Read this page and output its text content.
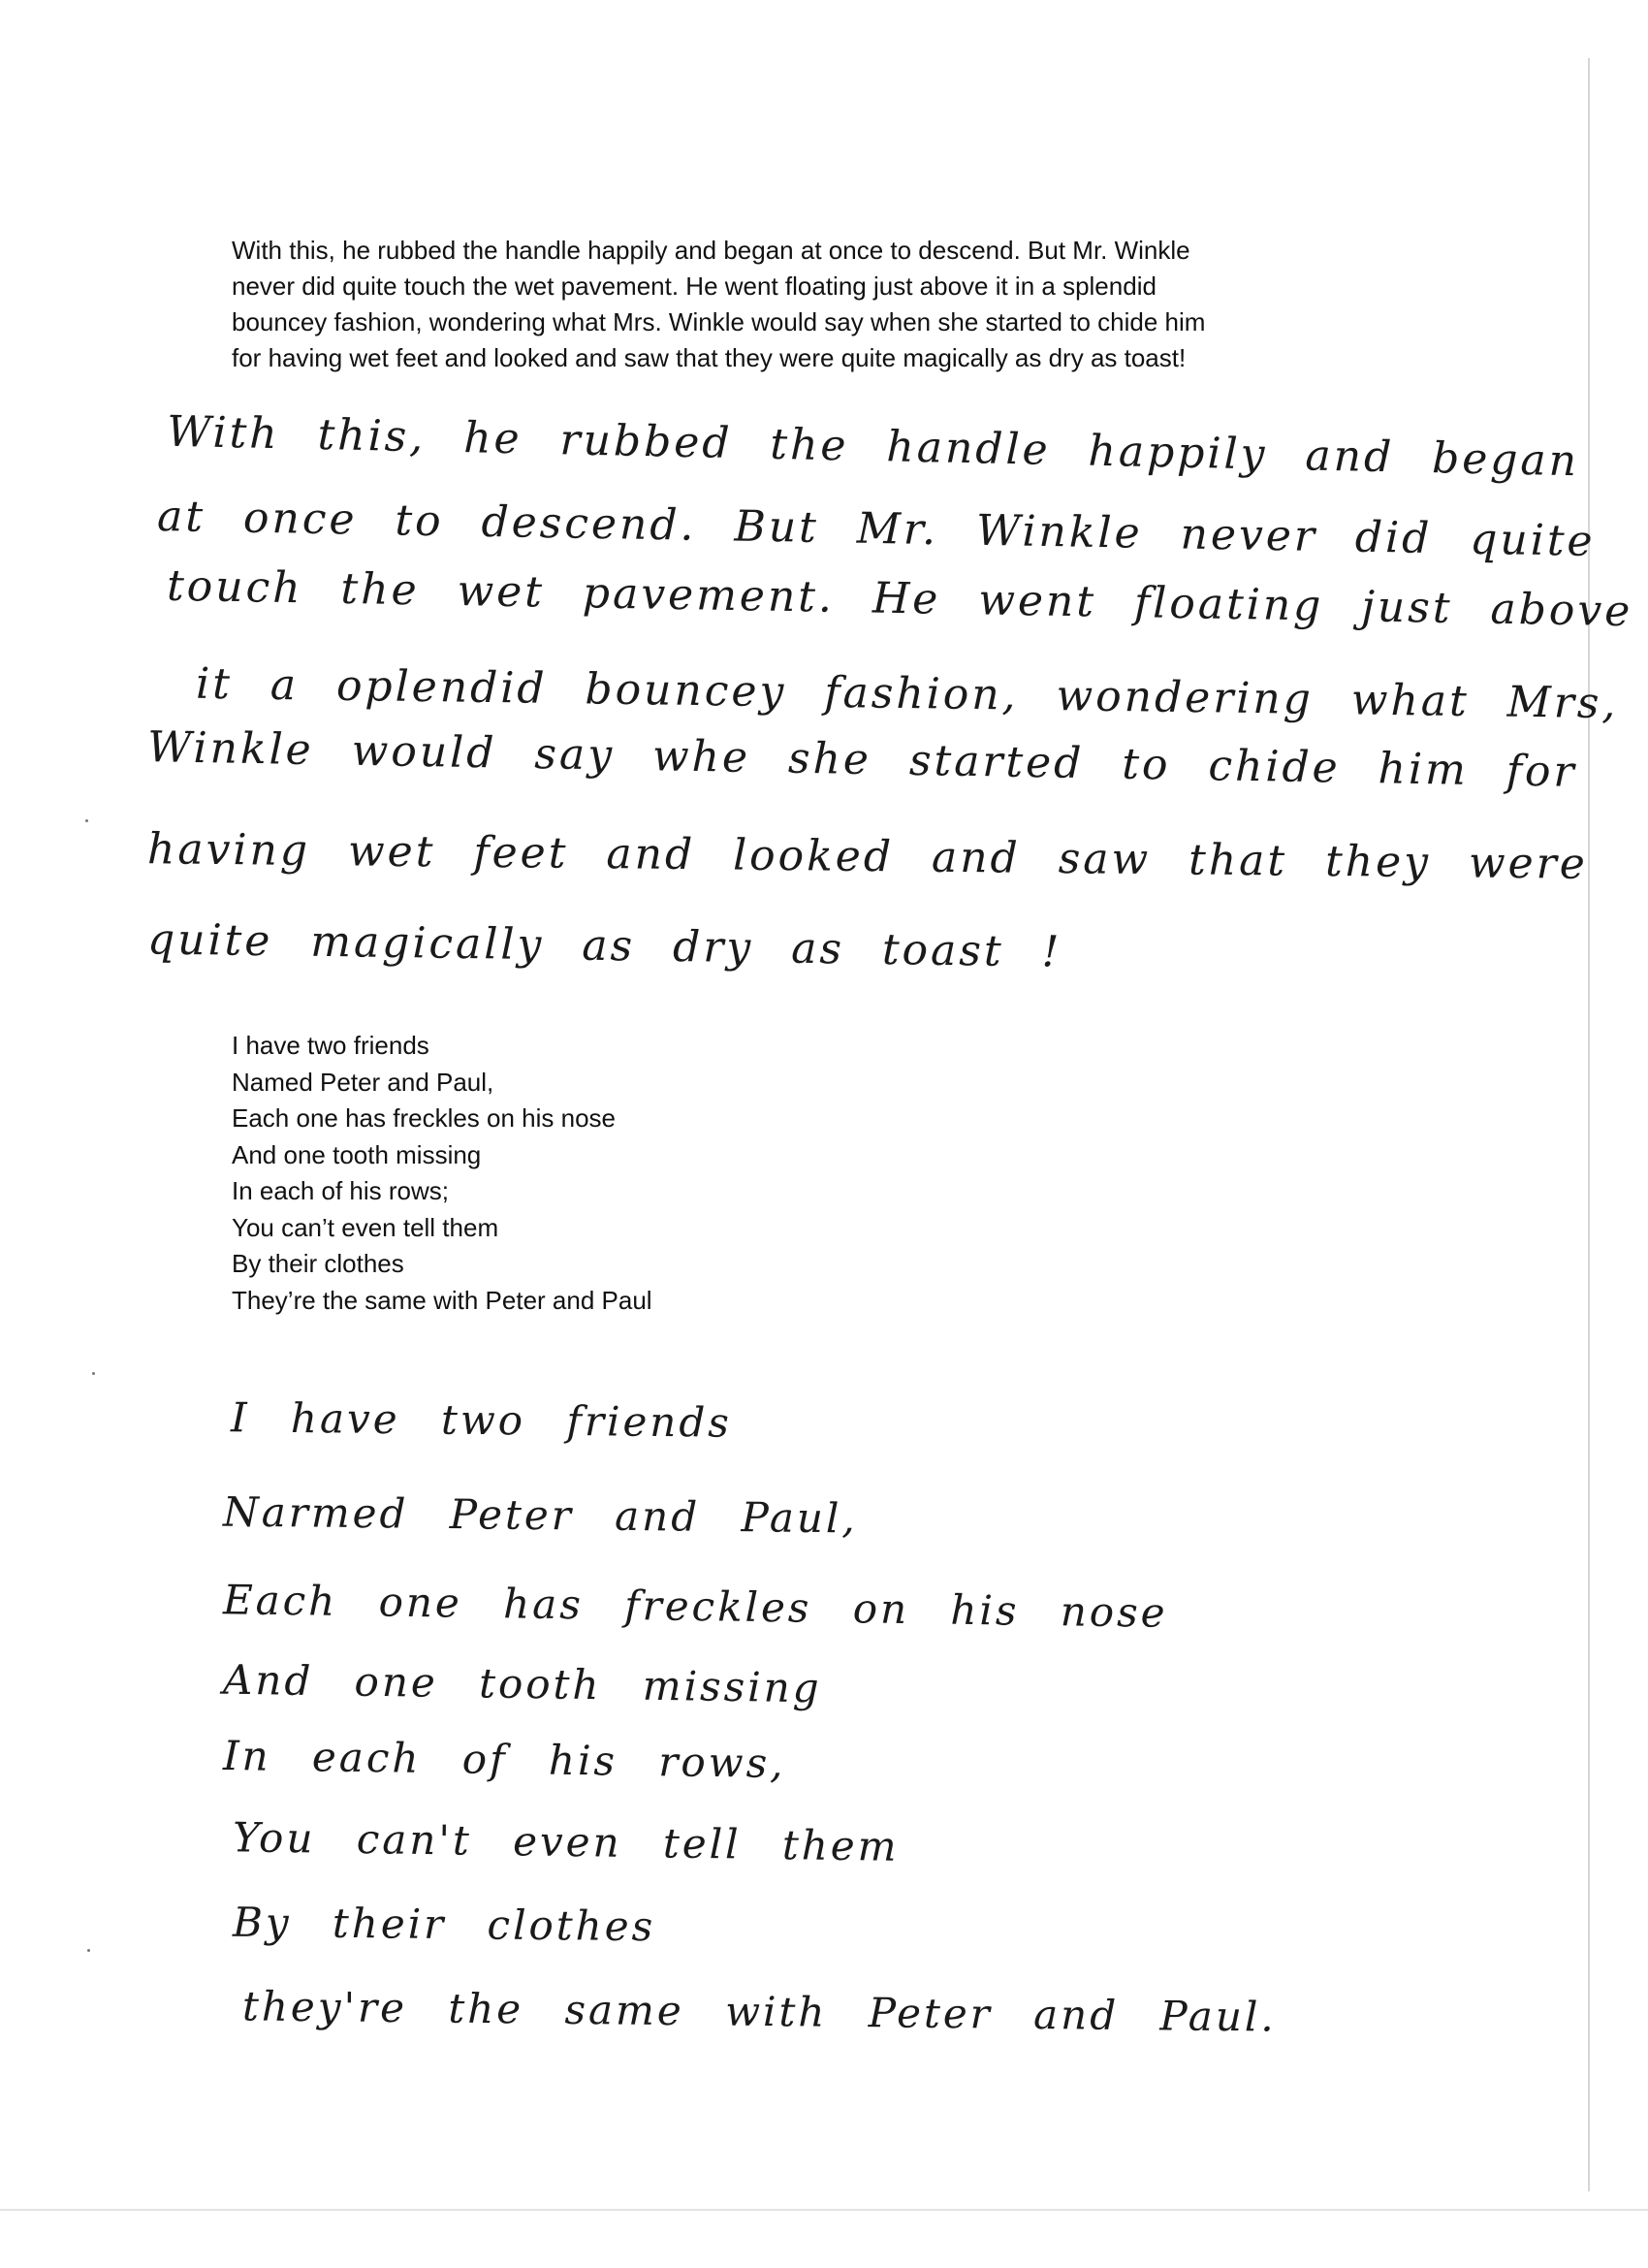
With this, he rubbed the handle happily and began at once to descend. But Mr. Winkle

never did quite touch the wet pavement. He went floating just above it in a splendid

bouncey fashion, wondering what Mrs. Winkle would say when she started to chide him

for having wet feet and looked and saw that they were quite magically as dry as toast!

With this, he rubbed the handle happily and began
at once to descend. But Mr. Winkle never did quite
touch the wet pavement. He went floating just above
it a oplendid bouncey fashion, wondering what Mrs,
Winkle would say whe she started to chide him for
having wet feet and looked and saw that they were
quite magically as dry as toast !

I have two friends

Named Peter and Paul,

Each one has freckles on his nose

And one tooth missing

In each of his rows;

You can’t even tell them

By their clothes

They’re the same with Peter and Paul

I have two friends
Narmed Peter and Paul,
Each one has freckles on his nose
And one tooth missing
In each of his rows,
You can't even tell them
By their clothes
they're the same with Peter and Paul.
